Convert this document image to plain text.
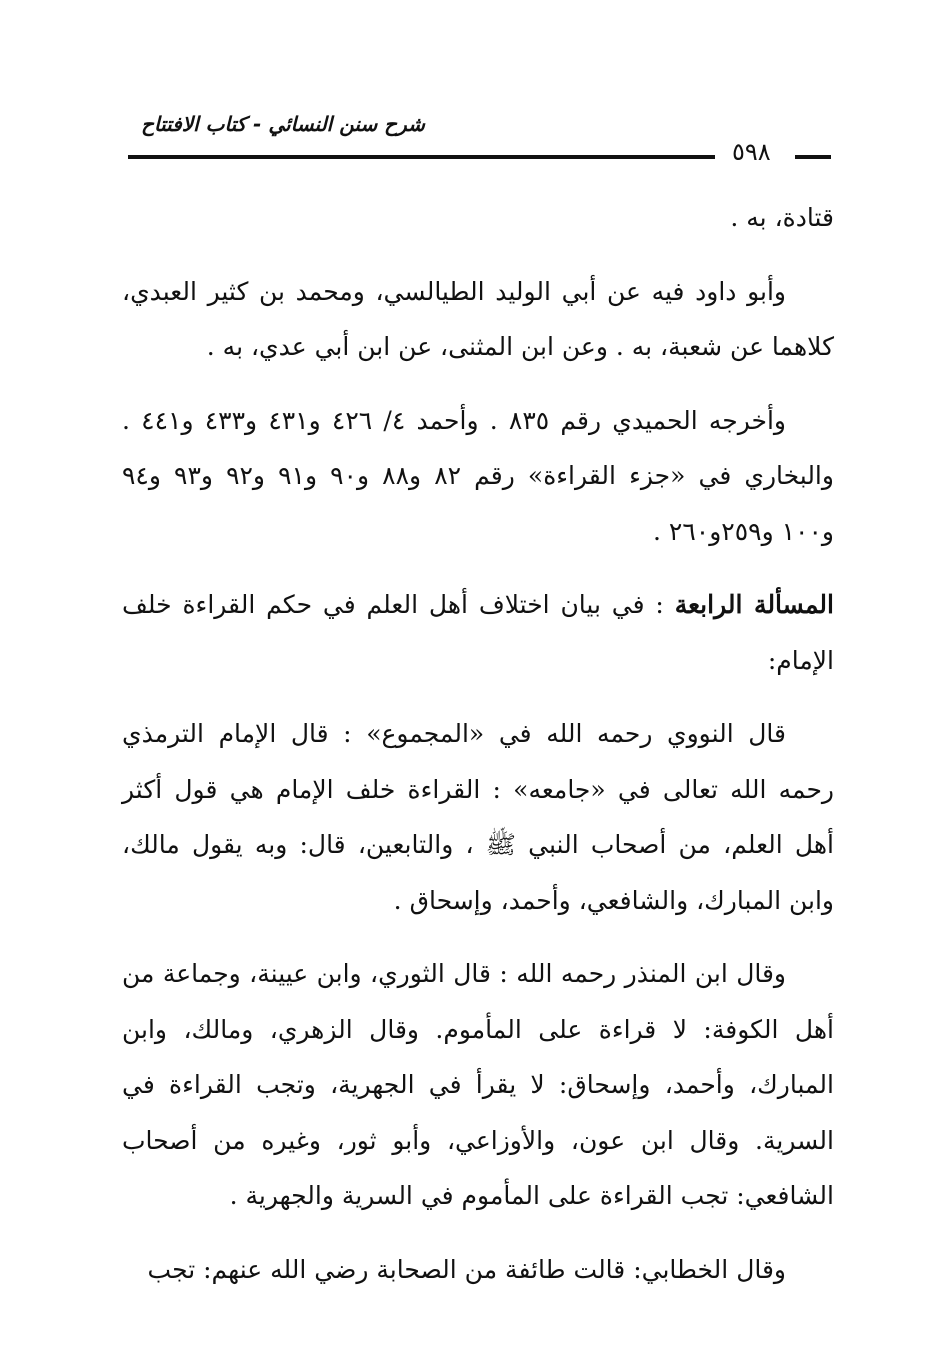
شرح سنن النسائي - كتاب الافتتاح
٥٩٨

قتادة، به .

وأبو داود فيه عن أبي الوليد الطيالسي، ومحمد بن كثير العبدي، كلاهما عن شعبة، به . وعن ابن المثنى، عن ابن أبي عدي، به .

وأخرجه الحميدي رقم ٨٣٥ . وأحمد ٤/ ٤٢٦ و٤٣١ و٤٣٣ و٤٤١ . والبخاري في «جزء القراءة» رقم ٨٢ و٨٨ و٩٠ و٩١ و٩٢ و٩٣ و٩٤ و١٠٠ و٢٥٩و٢٦٠ .

المسألة الرابعة : في بيان اختلاف أهل العلم في حكم القراءة خلف الإمام:

قال النووي رحمه الله في «المجموع» : قال الإمام الترمذي رحمه الله تعالى في «جامعه» : القراءة خلف الإمام هي قول أكثر أهل العلم، من أصحاب النبي ﷺ ، والتابعين، قال: وبه يقول مالك، وابن المبارك، والشافعي، وأحمد، وإسحاق .

وقال ابن المنذر رحمه الله : قال الثوري، وابن عيينة، وجماعة من أهل الكوفة: لا قراءة على المأموم. وقال الزهري، ومالك، وابن المبارك، وأحمد، وإسحاق: لا يقرأ في الجهرية، وتجب القراءة في السرية. وقال ابن عون، والأوزاعي، وأبو ثور، وغيره من أصحاب الشافعي: تجب القراءة على المأموم في السرية والجهرية .

وقال الخطابي: قالت طائفة من الصحابة رضي الله عنهم: تجب
